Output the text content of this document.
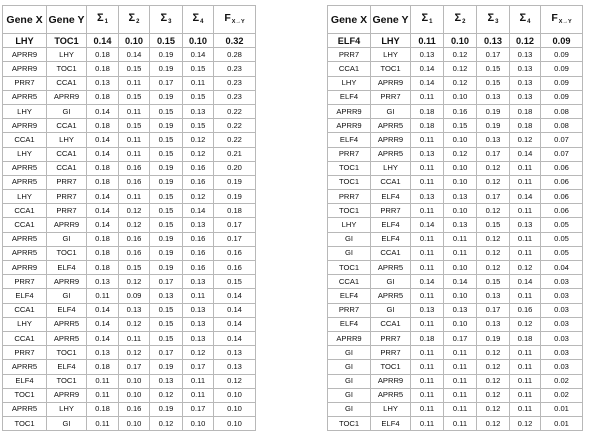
Gene X	Gene Y	$\Sigma_1$	$\Sigma_2$	$\Sigma_3$	$\Sigma_4$	FX→Y
LHY	TOC1	0.14	0.10	0.15	0.10	0.32
APRR9	LHY	0.18	0.14	0.19	0.14	0.28
APRR9	TOC1	0.18	0.15	0.19	0.15	0.23
PRR7	CCA1	0.13	0.11	0.17	0.11	0.23
APRR5	APRR9	0.18	0.15	0.19	0.15	0.23
LHY	GI	0.14	0.11	0.15	0.13	0.22
APRR9	CCA1	0.18	0.15	0.19	0.15	0.22
CCA1	LHY	0.14	0.11	0.15	0.12	0.22
LHY	CCA1	0.14	0.11	0.15	0.12	0.21
APRR5	CCA1	0.18	0.16	0.19	0.16	0.20
APRR5	PRR7	0.18	0.16	0.19	0.16	0.19
LHY	PRR7	0.14	0.11	0.15	0.12	0.19
CCA1	PRR7	0.14	0.12	0.15	0.14	0.18
CCA1	APRR9	0.14	0.12	0.15	0.13	0.17
APRR5	GI	0.18	0.16	0.19	0.16	0.17
APRR5	TOC1	0.18	0.16	0.19	0.16	0.16
APRR9	ELF4	0.18	0.15	0.19	0.16	0.16
PRR7	APRR9	0.13	0.12	0.17	0.13	0.15
ELF4	GI	0.11	0.09	0.13	0.11	0.14
CCA1	ELF4	0.14	0.13	0.15	0.13	0.14
LHY	APRR5	0.14	0.12	0.15	0.13	0.14
CCA1	APRR5	0.14	0.11	0.15	0.13	0.14
PRR7	TOC1	0.13	0.12	0.17	0.12	0.13
APRR5	ELF4	0.18	0.17	0.19	0.17	0.13
ELF4	TOC1	0.11	0.10	0.13	0.11	0.12
TOC1	APRR9	0.11	0.10	0.12	0.11	0.10
APRR5	LHY	0.18	0.16	0.19	0.17	0.10
TOC1	GI	0.11	0.10	0.12	0.10	0.10
Gene X	Gene Y	$\Sigma_1$	$\Sigma_2$	$\Sigma_3$	$\Sigma_4$	FX→Y
ELF4	LHY	0.11	0.10	0.13	0.12	0.09
PRR7	LHY	0.13	0.12	0.17	0.13	0.09
CCA1	TOC1	0.14	0.12	0.15	0.13	0.09
LHY	APRR9	0.14	0.12	0.15	0.13	0.09
ELF4	PRR7	0.11	0.10	0.13	0.13	0.09
APRR9	GI	0.18	0.16	0.19	0.18	0.08
APRR9	APRR5	0.18	0.15	0.19	0.18	0.08
ELF4	APRR9	0.11	0.10	0.13	0.12	0.07
PRR7	APRR5	0.13	0.12	0.17	0.14	0.07
TOC1	LHY	0.11	0.10	0.12	0.11	0.06
TOC1	CCA1	0.11	0.10	0.12	0.11	0.06
PRR7	ELF4	0.13	0.13	0.17	0.14	0.06
TOC1	PRR7	0.11	0.10	0.12	0.11	0.06
LHY	ELF4	0.14	0.13	0.15	0.13	0.05
GI	ELF4	0.11	0.11	0.12	0.11	0.05
GI	CCA1	0.11	0.11	0.12	0.11	0.05
TOC1	APRR5	0.11	0.10	0.12	0.12	0.04
CCA1	GI	0.14	0.14	0.15	0.14	0.03
ELF4	APRR5	0.11	0.10	0.13	0.11	0.03
PRR7	GI	0.13	0.13	0.17	0.16	0.03
ELF4	CCA1	0.11	0.10	0.13	0.12	0.03
APRR9	PRR7	0.18	0.17	0.19	0.18	0.03
GI	PRR7	0.11	0.11	0.12	0.11	0.03
GI	TOC1	0.11	0.11	0.12	0.11	0.03
GI	APRR9	0.11	0.11	0.12	0.11	0.02
GI	APRR5	0.11	0.11	0.12	0.11	0.02
GI	LHY	0.11	0.11	0.12	0.11	0.01
TOC1	ELF4	0.11	0.11	0.12	0.12	0.01
